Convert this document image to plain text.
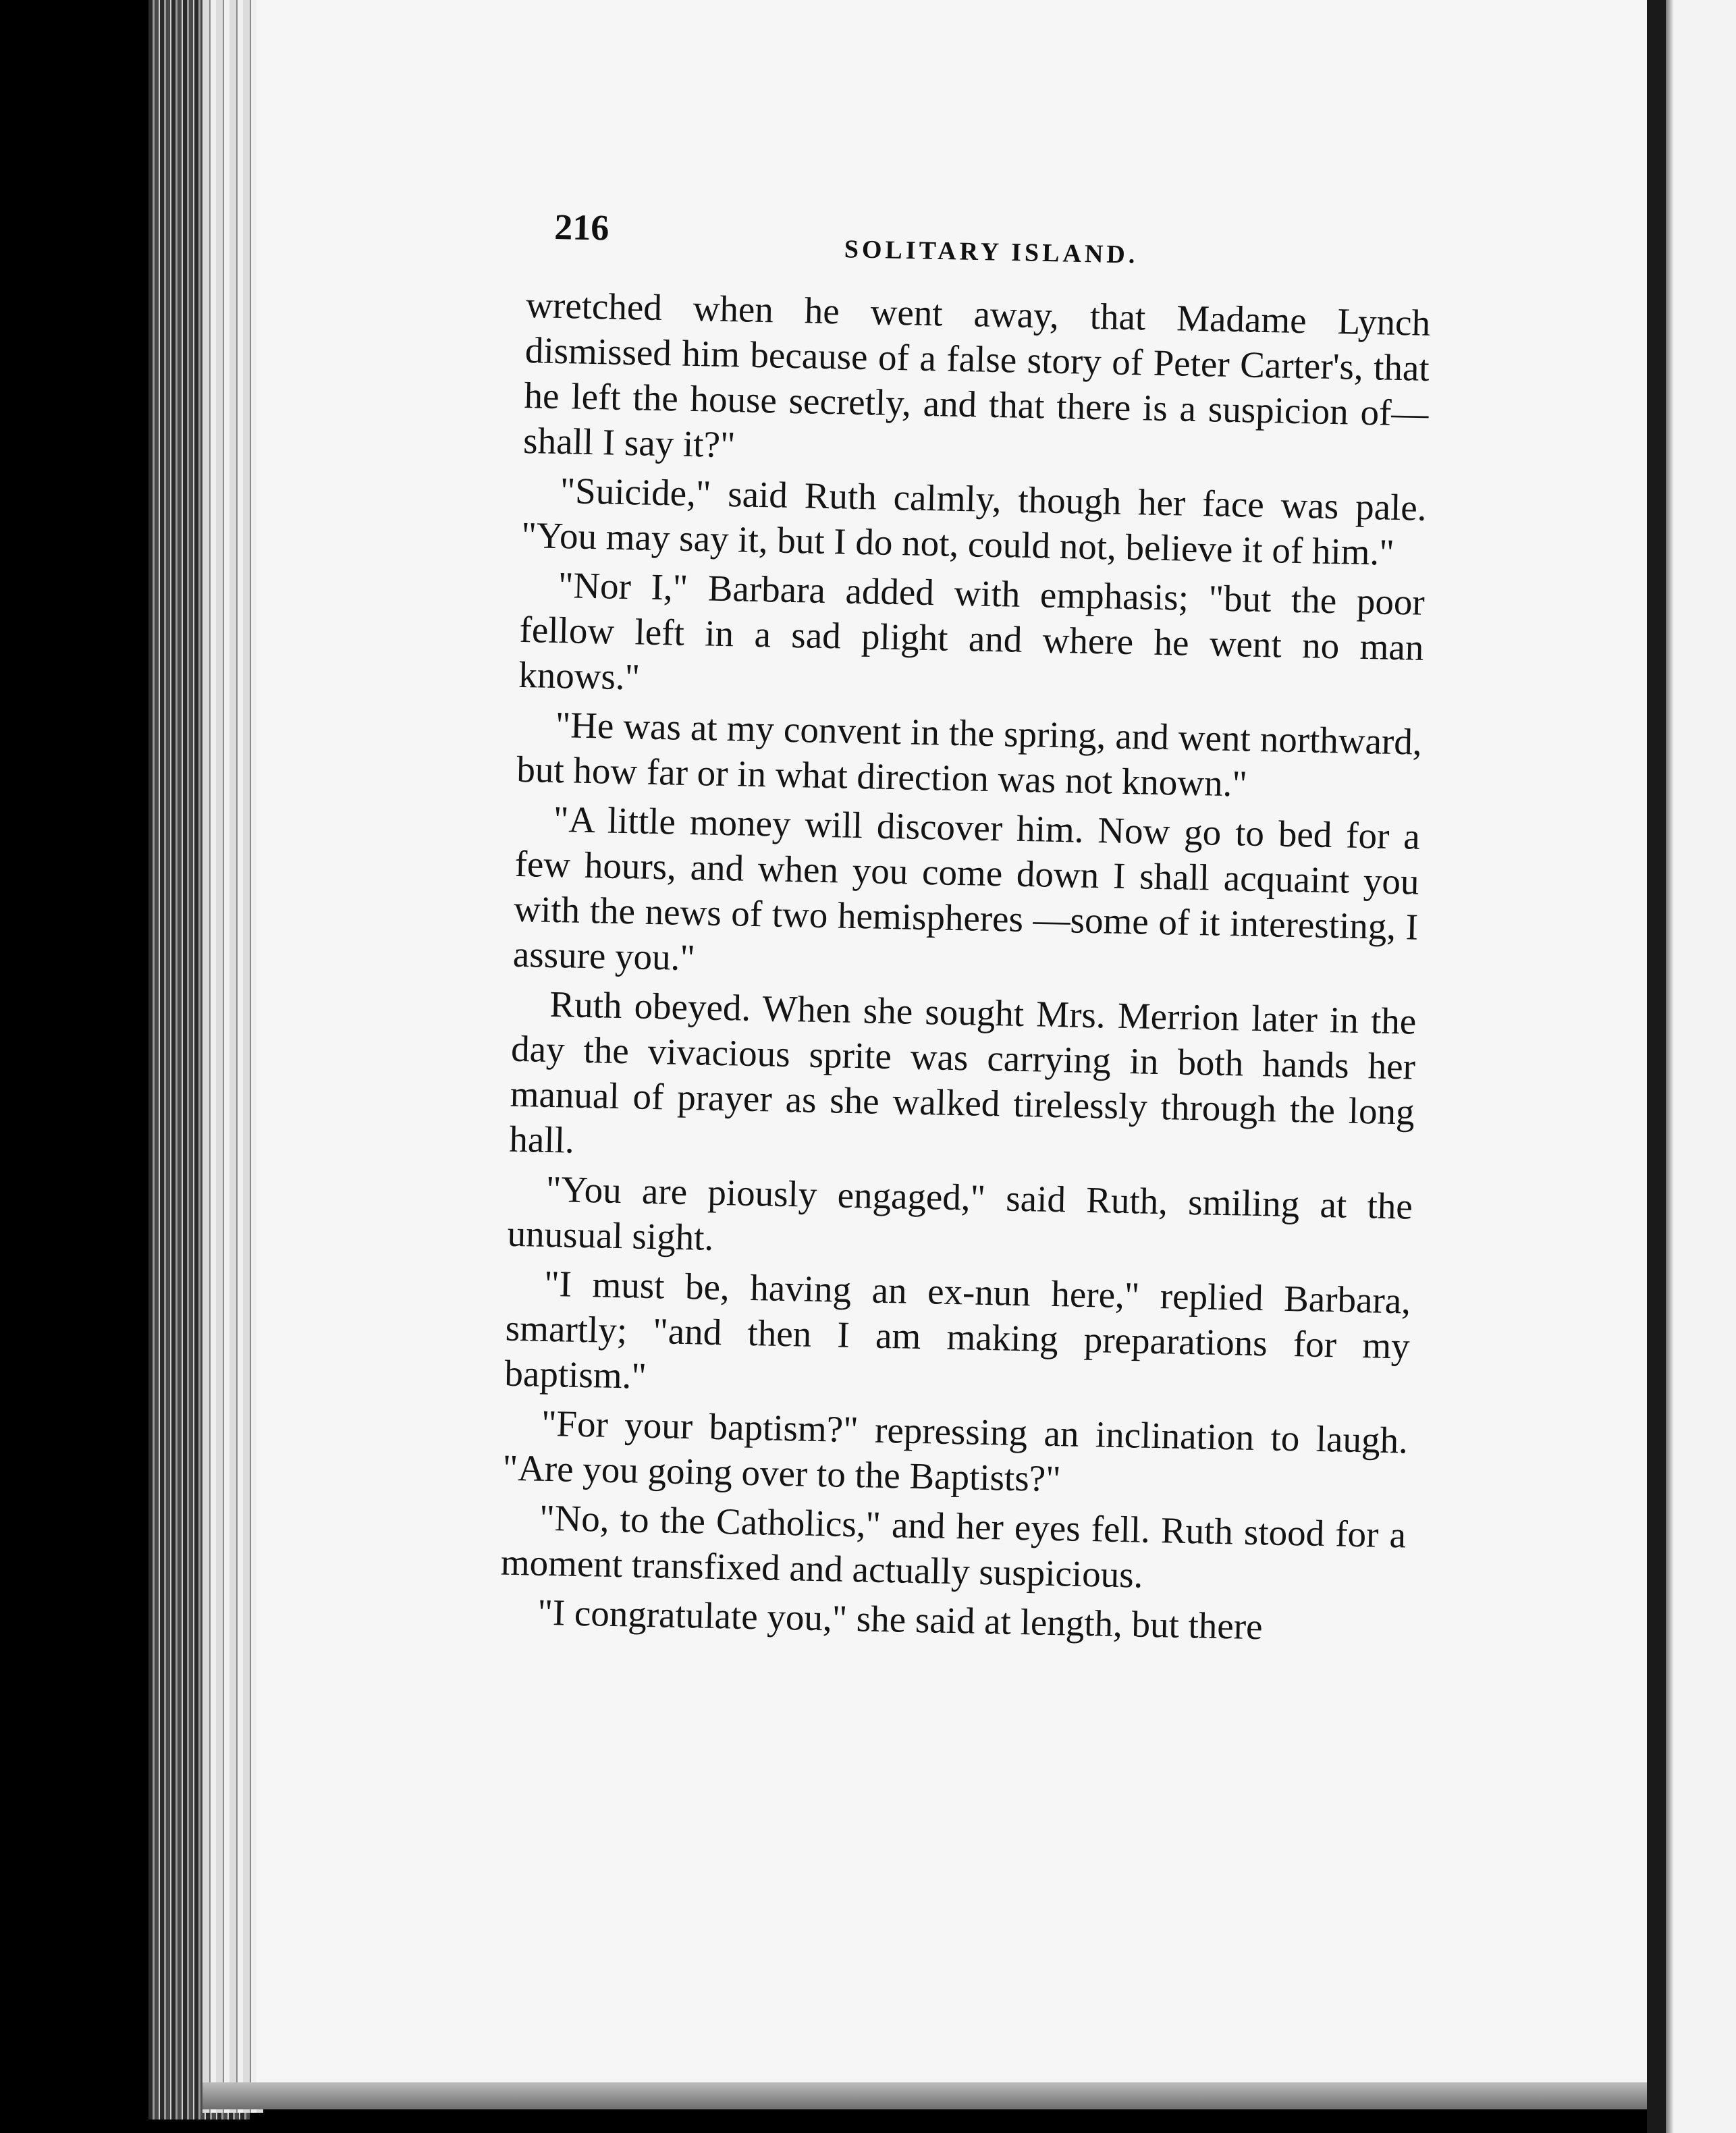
216
SOLITARY ISLAND.

wretched when he went away, that Madame Lynch dismissed him because of a false story of Peter Carter's, that he left the house secretly, and that there is a suspicion of—shall I say it?"

"Suicide," said Ruth calmly, though her face was pale. "You may say it, but I do not, could not, believe it of him."

"Nor I," Barbara added with emphasis; "but the poor fellow left in a sad plight and where he went no man knows."

"He was at my convent in the spring, and went northward, but how far or in what direction was not known."

"A little money will discover him. Now go to bed for a few hours, and when you come down I shall acquaint you with the news of two hemispheres —some of it interesting, I assure you."

Ruth obeyed. When she sought Mrs. Merrion later in the day the vivacious sprite was carrying in both hands her manual of prayer as she walked tirelessly through the long hall.

"You are piously engaged," said Ruth, smiling at the unusual sight.

"I must be, having an ex-nun here," replied Barbara, smartly; "and then I am making preparations for my baptism."

"For your baptism?" repressing an inclination to laugh. "Are you going over to the Baptists?"

"No, to the Catholics," and her eyes fell. Ruth stood for a moment transfixed and actually suspicious.

"I congratulate you," she said at length, but there
